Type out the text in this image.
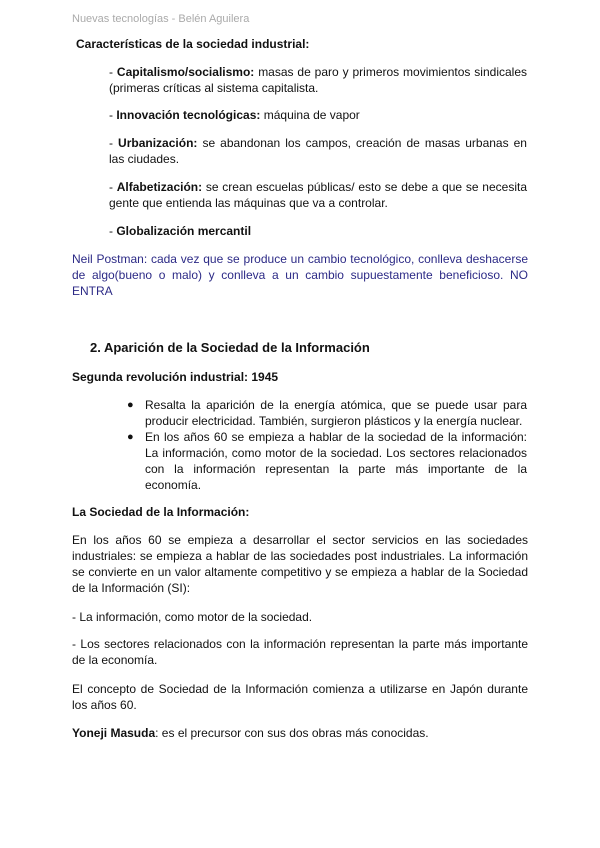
Nuevas tecnologías - Belén Aguilera
Características de la sociedad industrial:
- Capitalismo/socialismo: masas de paro y primeros movimientos sindicales (primeras críticas al sistema capitalista.
- Innovación tecnológicas: máquina de vapor
- Urbanización: se abandonan los campos, creación de masas urbanas en las ciudades.
- Alfabetización: se crean escuelas públicas/ esto se debe a que se necesita gente que entienda las máquinas que va a controlar.
- Globalización mercantil
Neil Postman: cada vez que se produce un cambio tecnológico, conlleva deshacerse de algo(bueno o malo) y conlleva a un cambio supuestamente beneficioso. NO ENTRA
2. Aparición de la Sociedad de la Información
Segunda revolución industrial: 1945
● Resalta la aparición de la energía atómica, que se puede usar para producir electricidad. También, surgieron plásticos y la energía nuclear.
● En los años 60 se empieza a hablar de la sociedad de la información: La información, como motor de la sociedad. Los sectores relacionados con la información representan la parte más importante de la economía.
La Sociedad de la Información:
En los años 60 se empieza a desarrollar el sector servicios en las sociedades industriales: se empieza a hablar de las sociedades post industriales. La información se convierte en un valor altamente competitivo y se empieza a hablar de la Sociedad de la Información (SI):
- La información, como motor de la sociedad.
- Los sectores relacionados con la información representan la parte más importante de la economía.
El concepto de Sociedad de la Información comienza a utilizarse en Japón durante los años 60.
Yoneji Masuda: es el precursor con sus dos obras más conocidas.
